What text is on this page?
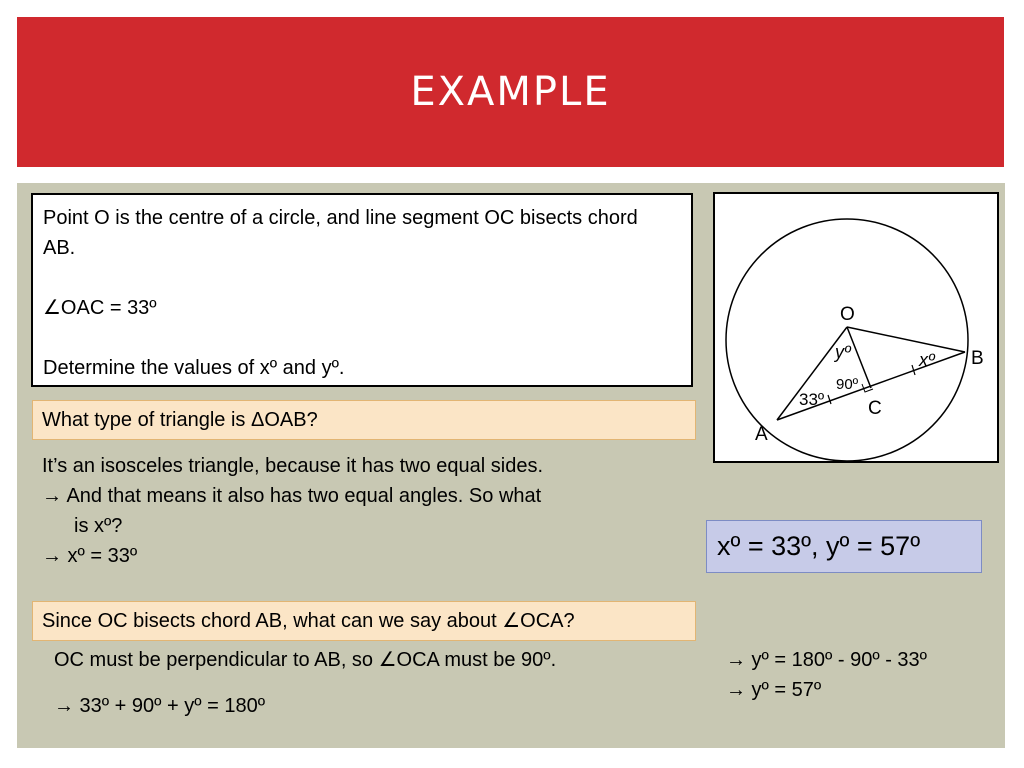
EXAMPLE

Point O is the centre of a circle, and line segment OC bisects chord AB.

∠OAC = 33º

Determine the values of xº and yº.

What type of triangle is ΔOAB?
It’s an isosceles triangle, because it has two equal sides.
→ And that means it also has two equal angles. So what
is xº?
→ xº = 33º
Since OC bisects chord AB, what can we say about ∠OCA?
OC must be perpendicular to AB, so ∠OCA must be 90º.
→ 33º + 90º + yº = 180º
→ yº = 180º - 90º - 33º
→ yº = 57º
xº = 33º, yº = 57º
O
A
B
C
xº
yº
33º
90º
